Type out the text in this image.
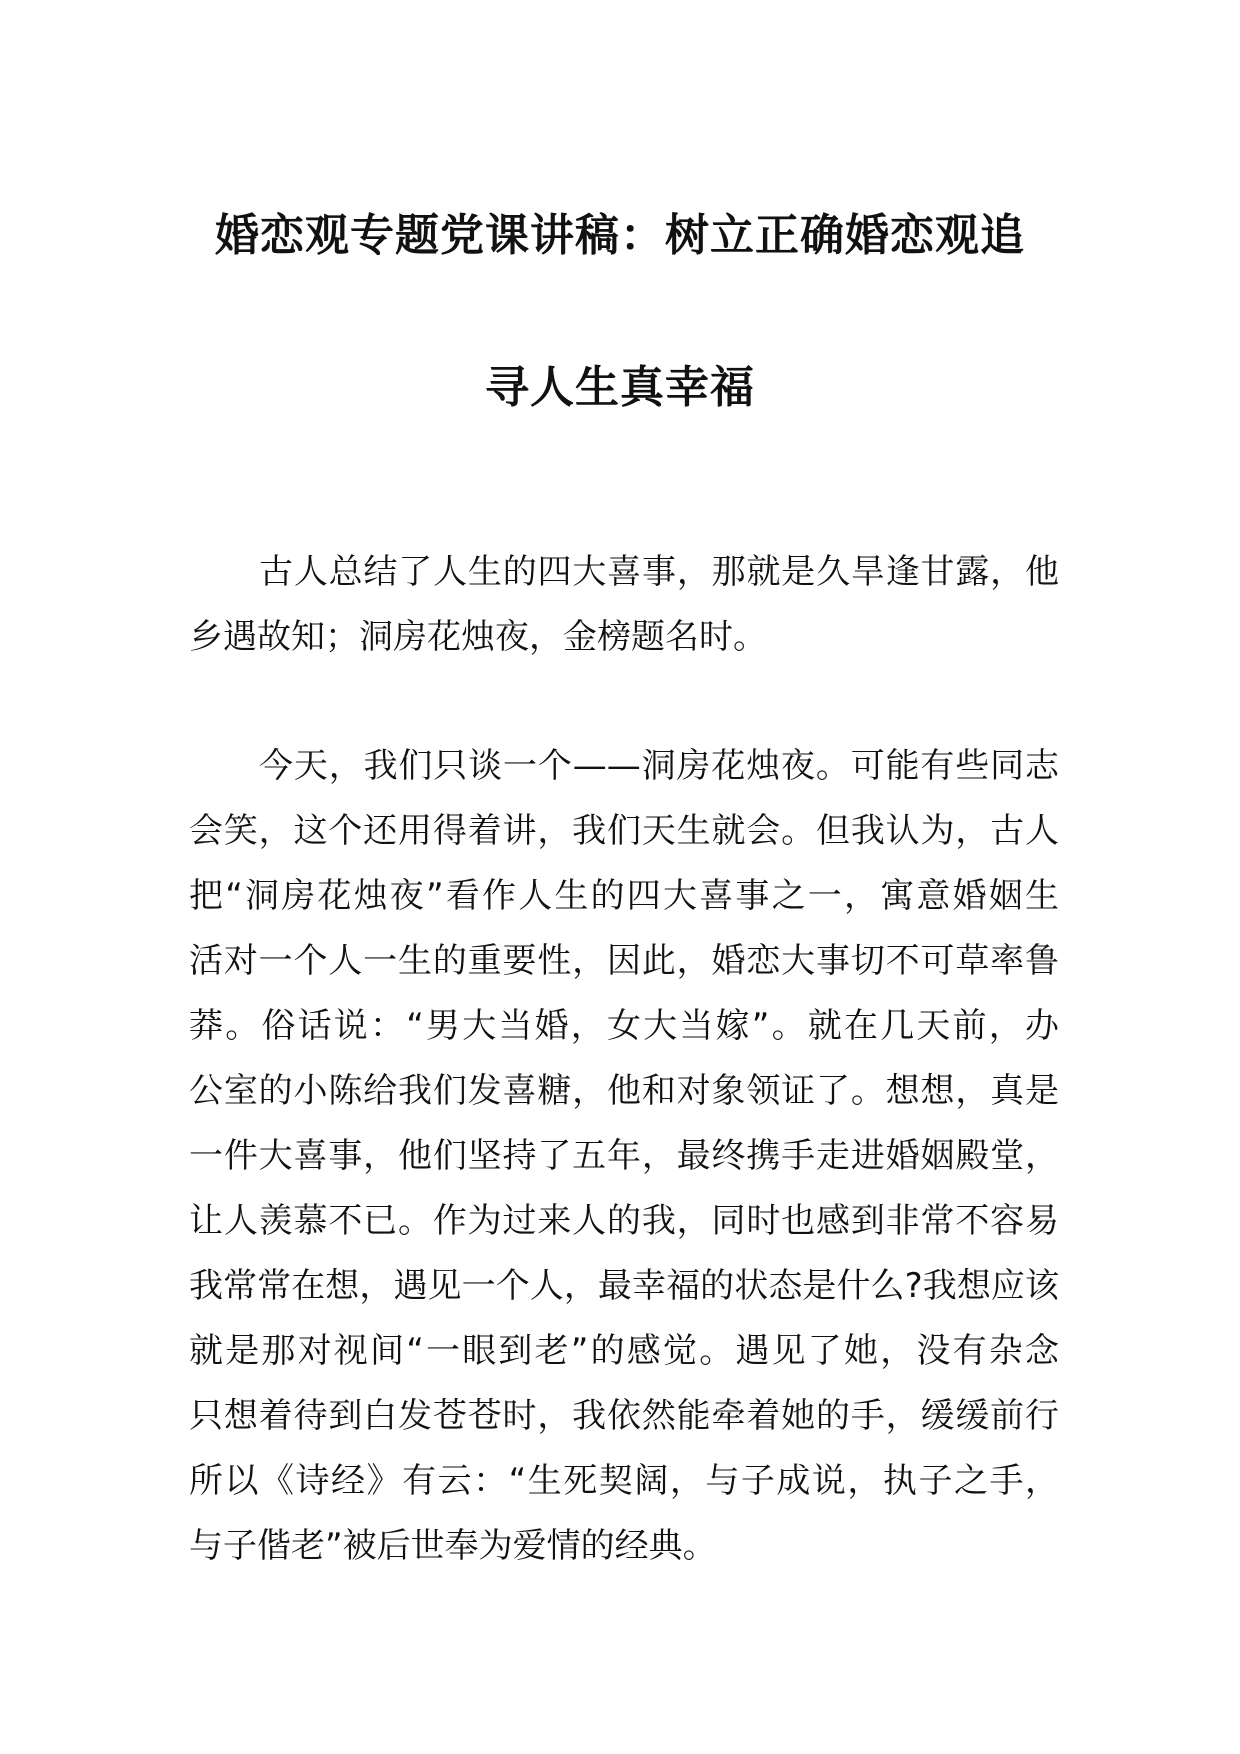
婚恋观专题党课讲稿：树立正确婚恋观追
寻人生真幸福
古人总结了人生的四大喜事，那就是久旱逢甘露，他
乡遇故知；洞房花烛夜，金榜题名时。
今天，我们只谈一个——洞房花烛夜。可能有些同志
会笑，这个还用得着讲，我们天生就会。但我认为，古人
把“洞房花烛夜”看作人生的四大喜事之一，寓意婚姻生
活对一个人一生的重要性，因此，婚恋大事切不可草率鲁
莽。俗话说：“男大当婚，女大当嫁”。就在几天前，办
公室的小陈给我们发喜糖，他和对象领证了。想想，真是
一件大喜事，他们坚持了五年，最终携手走进婚姻殿堂，
让人羡慕不已。作为过来人的我，同时也感到非常不容易
我常常在想，遇见一个人，最幸福的状态是什么?我想应该
就是那对视间“一眼到老”的感觉。遇见了她，没有杂念
只想着待到白发苍苍时，我依然能牵着她的手，缓缓前行
所以《诗经》有云：“生死契阔，与子成说，执子之手，
与子偕老”被后世奉为爱情的经典。
